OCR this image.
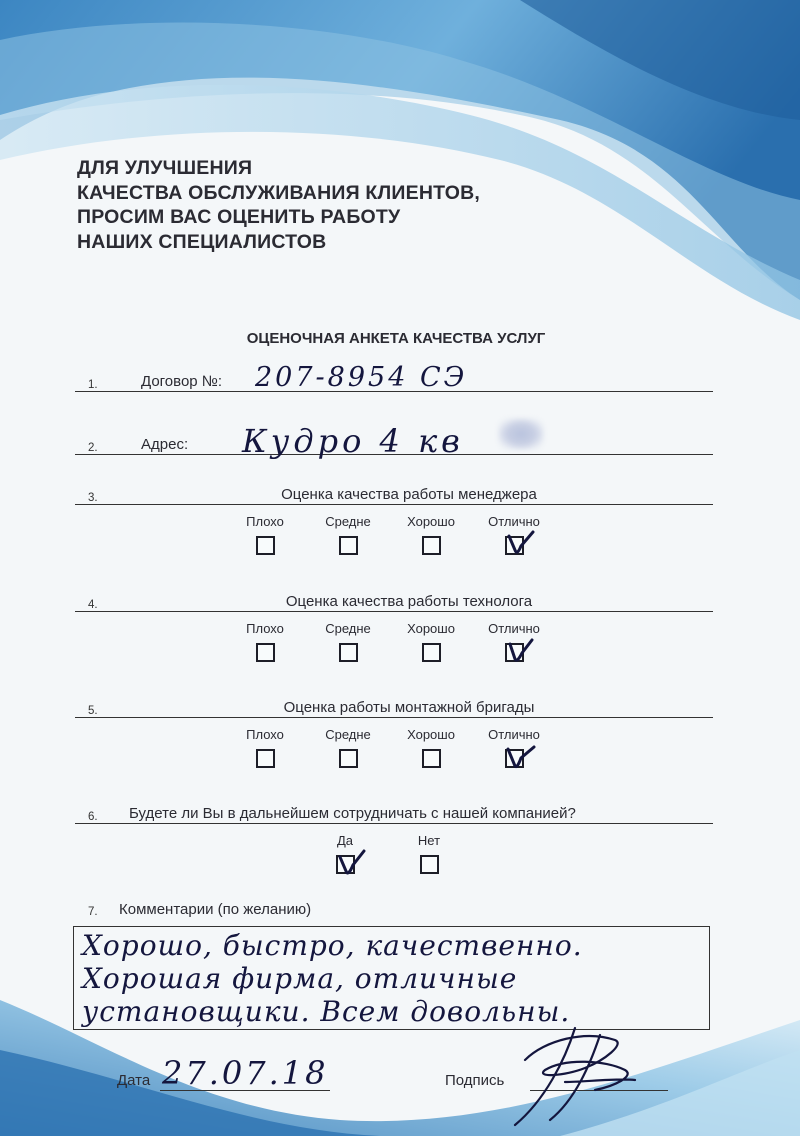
ДЛЯ УЛУЧШЕНИЯ
КАЧЕСТВА ОБСЛУЖИВАНИЯ КЛИЕНТОВ,
ПРОСИМ ВАС ОЦЕНИТЬ РАБОТУ
НАШИХ СПЕЦИАЛИСТОВ
ОЦЕНОЧНАЯ АНКЕТА КАЧЕСТВА УСЛУГ
1.	Договор №: 207-8954 СЭ
2.	Адрес: Кудро 4 кв
3.	Оценка качества работы менеджера
Плохо	Средне	Хорошо	Отлично
4.	Оценка качества работы технолога
Плохо	Средне	Хорошо	Отлично
5.	Оценка работы монтажной бригады
Плохо	Средне	Хорошо	Отлично
6. Будете ли Вы в дальнейшем сотрудничать с нашей компанией?
Да	Нет
7. Комментарии (по желанию)
Хорошо, быстро, качественно.
Хорошая фирма, отличные
установщики. Всем довольны.
Дата 27.07.18	Подпись
